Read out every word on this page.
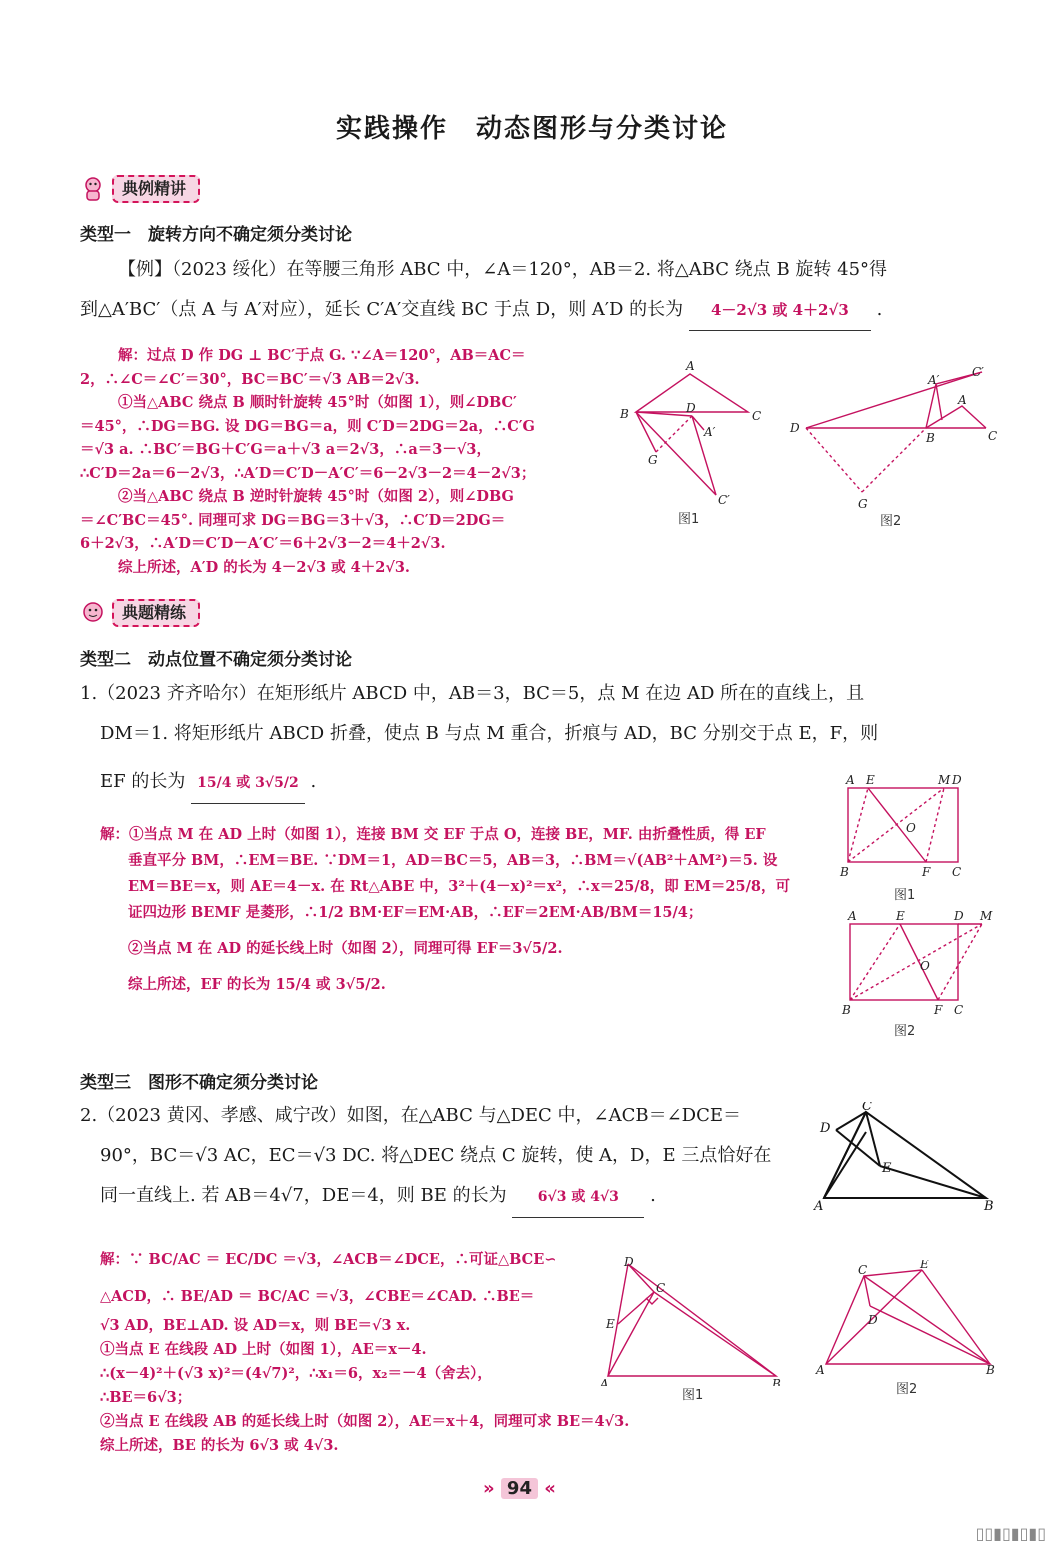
实践操作　动态图形与分类讨论
典例精讲
类型一　旋转方向不确定须分类讨论
【例】（2023 绥化）在等腰三角形 ABC 中，∠A＝120°，AB＝2. 将△ABC 绕点 B 旋转 45°得
到△A′BC′（点 A 与 A′对应），延长 C′A′交直线 BC 于点 D，则 A′D 的长为 4－2√3 或 4＋2√3 .
解：过点 D 作 DG ⊥ BC′于点 G. ∵∠A＝120°，AB＝AC＝
2，∴∠C＝∠C′＝30°，BC＝BC′＝√3 AB＝2√3.
①当△ABC 绕点 B 顺时针旋转 45°时（如图 1），则∠DBC′
＝45°，∴DG＝BG. 设 DG＝BG＝a，则 C′D＝2DG＝2a，∴C′G
＝√3 a. ∴BC′＝BG＋C′G＝a＋√3 a＝2√3，∴a＝3－√3，
∴C′D＝2a＝6－2√3，∴A′D＝C′D－A′C′＝6－2√3－2＝4－2√3；
②当△ABC 绕点 B 逆时针旋转 45°时（如图 2），则∠DBG
＝∠C′BC＝45°. 同理可求 DG＝BG＝3＋√3，∴C′D＝2DG＝
6＋2√3，∴A′D＝C′D－A′C′＝6＋2√3－2＝4＋2√3.
综上所述，A′D 的长为 4－2√3 或 4＋2√3.
A
B	C
D
A′
G
C′
图1
D
B	C
A′
C′
A
G
图2
典题精练
类型二　动点位置不确定须分类讨论
1.（2023 齐齐哈尔）在矩形纸片 ABCD 中，AB＝3，BC＝5，点 M 在边 AD 所在的直线上，且
DM＝1. 将矩形纸片 ABCD 折叠，使点 B 与点 M 重合，折痕与 AD，BC 分别交于点 E，F，则
EF 的长为 15/4 或 3√5/2 .
解：①当点 M 在 AD 上时（如图 1），连接 BM 交 EF 于点 O，连接 BE，MF. 由折叠性质，得 EF
垂直平分 BM，∴EM＝BE. ∵DM＝1，AD＝BC＝5，AB＝3，∴BM＝√(AB²＋AM²)＝5. 设
EM＝BE＝x，则 AE＝4－x. 在 Rt△ABE 中，3²＋(4－x)²＝x²，∴x＝25/8，即 EM＝25/8，可
证四边形 BEMF 是菱形，∴1/2 BM·EF＝EM·AB，∴EF＝2EM·AB/BM＝15/4；
②当点 M 在 AD 的延长线上时（如图 2），同理可得 EF＝3√5/2.
综上所述，EF 的长为 15/4 或 3√5/2.
A E	M D
B	F C
O
图1
A	E	D M
B	F C
O
图2
类型三　图形不确定须分类讨论
2.（2023 黄冈、孝感、咸宁改）如图，在△ABC 与△DEC 中，∠ACB＝∠DCE＝
90°，BC＝√3 AC，EC＝√3 DC. 将△DEC 绕点 C 旋转，使 A，D，E 三点恰好在
同一直线上. 若 AB＝4√7，DE＝4，则 BE 的长为 6√3 或 4√3 .
C
D
E
A	B
解：∵ BC/AC ＝ EC/DC ＝√3，∠ACB＝∠DCE，∴可证△BCE∽
△ACD，∴ BE/AD ＝ BC/AC ＝√3，∠CBE＝∠CAD. ∴BE＝
√3 AD，BE⊥AD. 设 AD＝x，则 BE＝√3 x.
①当点 E 在线段 AD 上时（如图 1），AE＝x－4.
∴(x－4)²＋(√3 x)²＝(4√7)²，∴x₁＝6，x₂＝－4（舍去），
∴BE＝6√3；
②当点 E 在线段 AB 的延长线上时（如图 2），AE＝x＋4，同理可求 BE＝4√3.
综上所述，BE 的长为 6√3 或 4√3.
D
C
E
A	B
图1
C	E
D
A	B
图2
» 94 «
▯▯▮▯▮▯▮▯
